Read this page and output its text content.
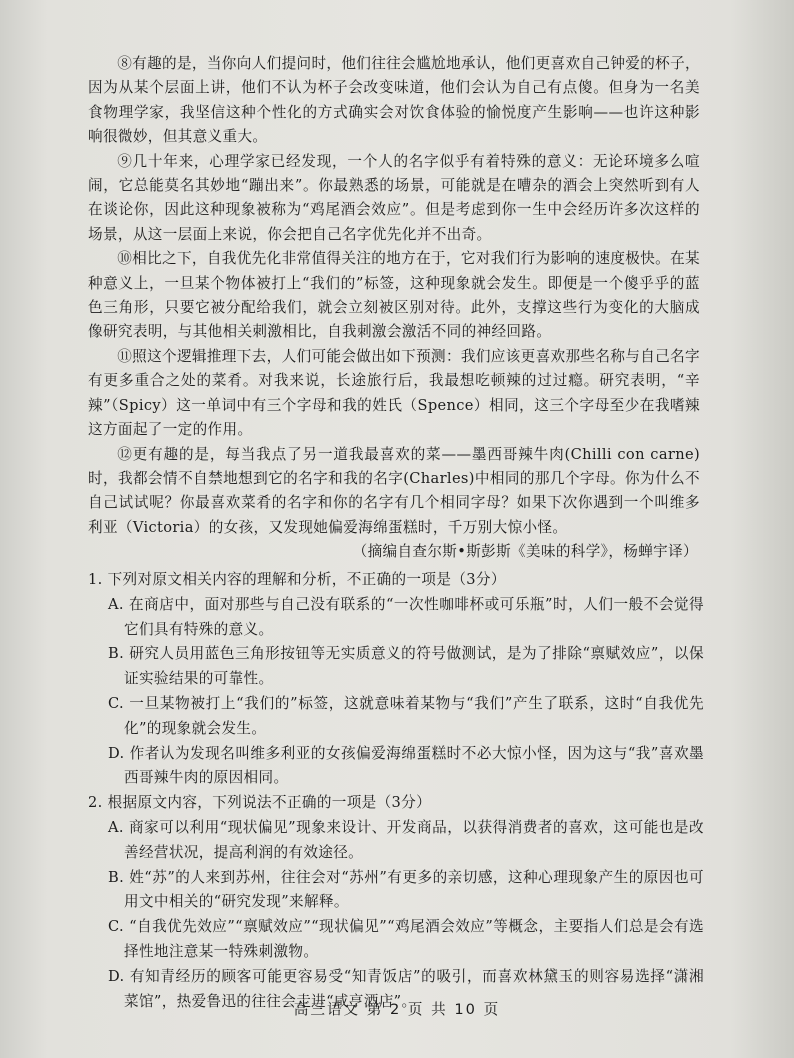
⑧有趣的是，当你向人们提问时，他们往往会尴尬地承认，他们更喜欢自己钟爱的杯子，因为从某个层面上讲，他们不认为杯子会改变味道，他们会认为自己有点傻。但身为一名美食物理学家，我坚信这种个性化的方式确实会对饮食体验的愉悦度产生影响——也许这种影响很微妙，但其意义重大。

⑨几十年来，心理学家已经发现，一个人的名字似乎有着特殊的意义：无论环境多么喧闹，它总能莫名其妙地“蹦出来”。你最熟悉的场景，可能就是在嘈杂的酒会上突然听到有人在谈论你，因此这种现象被称为“鸡尾酒会效应”。但是考虑到你一生中会经历许多次这样的场景，从这一层面上来说，你会把自己名字优先化并不出奇。

⑩相比之下，自我优先化非常值得关注的地方在于，它对我们行为影响的速度极快。在某种意义上，一旦某个物体被打上“我们的”标签，这种现象就会发生。即便是一个傻乎乎的蓝色三角形，只要它被分配给我们，就会立刻被区别对待。此外，支撑这些行为变化的大脑成像研究表明，与其他相关刺激相比，自我刺激会激活不同的神经回路。

⑪照这个逻辑推理下去，人们可能会做出如下预测：我们应该更喜欢那些名称与自己名字有更多重合之处的菜肴。对我来说，长途旅行后，我最想吃顿辣的过过瘾。研究表明，“辛辣”（Spicy）这一单词中有三个字母和我的姓氏（Spence）相同，这三个字母至少在我嗜辣这方面起了一定的作用。

⑫更有趣的是，每当我点了另一道我最喜欢的菜——墨西哥辣牛肉(Chilli con carne)时，我都会情不自禁地想到它的名字和我的名字(Charles)中相同的那几个字母。你为什么不自己试试呢？你最喜欢菜肴的名字和你的名字有几个相同字母？如果下次你遇到一个叫维多利亚（Victoria）的女孩，又发现她偏爱海绵蛋糕时，千万别大惊小怪。

（摘编自查尔斯•斯彭斯《美味的科学》，杨蝉宇译）

1. 下列对原文相关内容的理解和分析，不正确的一项是（3分）

A. 在商店中，面对那些与自己没有联系的“一次性咖啡杯或可乐瓶”时，人们一般不会觉得它们具有特殊的意义。

B. 研究人员用蓝色三角形按钮等无实质意义的符号做测试，是为了排除“禀赋效应”，以保证实验结果的可靠性。

C. 一旦某物被打上“我们的”标签，这就意味着某物与“我们”产生了联系，这时“自我优先化”的现象就会发生。

D. 作者认为发现名叫维多利亚的女孩偏爱海绵蛋糕时不必大惊小怪，因为这与“我”喜欢墨西哥辣牛肉的原因相同。

2. 根据原文内容，下列说法不正确的一项是（3分）

A. 商家可以利用“现状偏见”现象来设计、开发商品，以获得消费者的喜欢，这可能也是改善经营状况，提高利润的有效途径。

B. 姓“苏”的人来到苏州，往往会对“苏州”有更多的亲切感，这种心理现象产生的原因也可用文中相关的“研究发现”来解释。

C. “自我优先效应”“禀赋效应”“现状偏见”“鸡尾酒会效应”等概念，主要指人们总是会有选择性地注意某一特殊刺激物。

D. 有知青经历的顾客可能更容易受“知青饭店”的吸引，而喜欢林黛玉的则容易选择“潇湘菜馆”，热爱鲁迅的往往会走进“咸亨酒店”。

高三语文 第 2 页 共 10 页
